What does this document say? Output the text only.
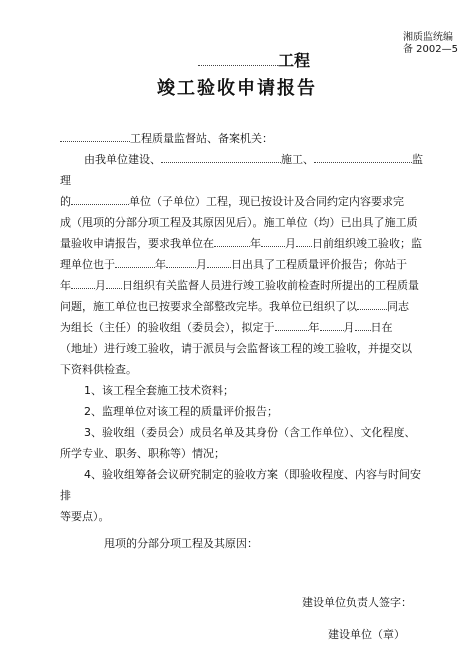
湘质监统编
备 2002—5
工程
竣工验收申请报告
工程质量监督站、备案机关：
由我单位建设、	施工、	监
理
的	单位（子单位）工程，现已按设计及合同约定内容要求完
成（甩项的分部分项工程及其原因见后）。施工单位（均）已出具了施工质
量验收申请报告，要求我单位在	年 月 日前组织竣工验收；监
理单位也于	年	月 日出具了工程质量评价报告；你站于
年 月 日组织有关监督人员进行竣工验收前检查时所提出的工程质量
问题，施工单位也已按要求全部整改完毕。我单位已组织了以	同志
为组长（主任）的验收组（委员会），拟定于	年 月 日在
（地址）进行竣工验收，请于派员与会监督该工程的竣工验收，并提交以
下资料供检查。
1、该工程全套施工技术资料；
2、监理单位对该工程的质量评价报告；
3、验收组（委员会）成员名单及其身份（含工作单位）、文化程度、
所学专业、职务、职称等）情况；
4、验收组筹备会议研究制定的验收方案（即验收程度、内容与时间安
排
等要点）。
甩项的分部分项工程及其原因：
建设单位负责人签字：
建设单位（章）
